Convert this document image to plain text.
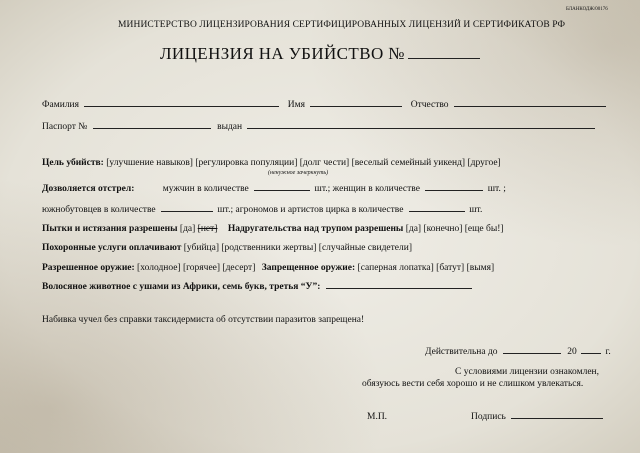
БЛАНКОДЖ/00176
МИНИСТЕРСТВО ЛИЦЕНЗИРОВАНИЯ СЕРТИФИЦИРОВАННЫХ ЛИЦЕНЗИЙ И СЕРТИФИКАТОВ РФ
ЛИЦЕНЗИЯ НА УБИЙСТВО №
Фамилия	Имя	Отчество
Паспорт №	выдан
Цель убийств: [улучшение навыков] [регулировка популяции] [долг чести] [веселый семейный уикенд] [другое]
(ненужное зачеркнуть)
Дозволяется отстрел:	мужчин в количестве	шт.; женщин в количестве	шт. ;
южнобутовцев в количестве	шт.; агрономов и артистов цирка в количестве	шт.
Пытки и истязания разрешены [да] [нет] Надругательства над трупом разрешены [да] [конечно] [еще бы!]
Похоронные услуги оплачивают [убийца] [родственники жертвы] [случайные свидетели]
Разрешенное оружие: [холодное] [горячее] [десерт] Запрещенное оружие: [саперная лопатка] [батут] [вымя]
Волосяное животное с ушами из Африки, семь букв, третья “У”:
Набивка чучел без справки таксидермиста об отсутствии паразитов запрещена!
Действительна до	20	г.
С условиями лицензии ознакомлен,
обязуюсь вести себя хорошо и не слишком увлекаться.
М.П.	Подпись
